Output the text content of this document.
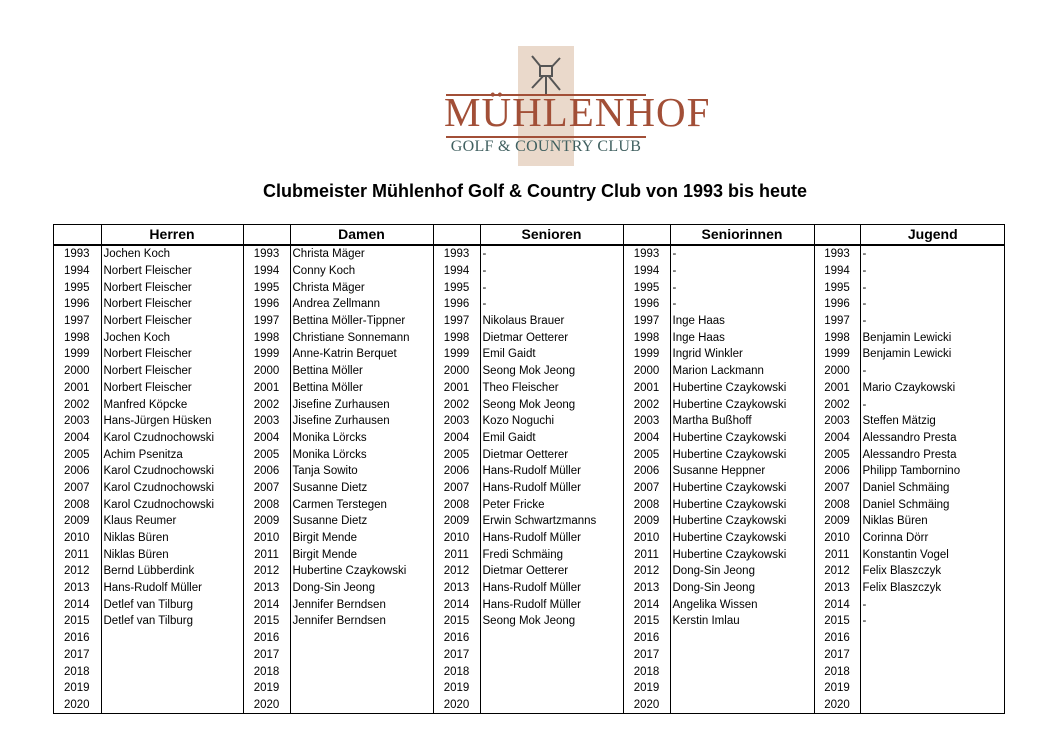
MÜHLENHOF
GOLF & COUNTRY CLUB
Clubmeister Mühlenhof Golf & Country Club von 1993 bis heute
	Herren		Damen		Senioren		Seniorinnen		Jugend
1993	Jochen Koch	1993	Christa Mäger	1993	-	1993	-	1993	-
1994	Norbert Fleischer	1994	Conny Koch	1994	-	1994	-	1994	-
1995	Norbert Fleischer	1995	Christa Mäger	1995	-	1995	-	1995	-
1996	Norbert Fleischer	1996	Andrea Zellmann	1996	-	1996	-	1996	-
1997	Norbert Fleischer	1997	Bettina Möller-Tippner	1997	Nikolaus Brauer	1997	Inge Haas	1997	-
1998	Jochen Koch	1998	Christiane Sonnemann	1998	Dietmar Oetterer	1998	Inge Haas	1998	Benjamin Lewicki
1999	Norbert Fleischer	1999	Anne-Katrin Berquet	1999	Emil Gaidt	1999	Ingrid Winkler	1999	Benjamin Lewicki
2000	Norbert Fleischer	2000	Bettina Möller	2000	Seong Mok Jeong	2000	Marion Lackmann	2000	-
2001	Norbert Fleischer	2001	Bettina Möller	2001	Theo Fleischer	2001	Hubertine Czaykowski	2001	Mario Czaykowski
2002	Manfred Köpcke	2002	Jisefine Zurhausen	2002	Seong Mok Jeong	2002	Hubertine Czaykowski	2002	-
2003	Hans-Jürgen Hüsken	2003	Jisefine Zurhausen	2003	Kozo Noguchi	2003	Martha Bußhoff	2003	Steffen Mätzig
2004	Karol Czudnochowski	2004	Monika Lörcks	2004	Emil Gaidt	2004	Hubertine Czaykowski	2004	Alessandro Presta
2005	Achim Psenitza	2005	Monika Lörcks	2005	Dietmar Oetterer	2005	Hubertine Czaykowski	2005	Alessandro Presta
2006	Karol Czudnochowski	2006	Tanja Sowito	2006	Hans-Rudolf Müller	2006	Susanne Heppner	2006	Philipp Tambornino
2007	Karol Czudnochowski	2007	Susanne Dietz	2007	Hans-Rudolf Müller	2007	Hubertine Czaykowski	2007	Daniel Schmäing
2008	Karol Czudnochowski	2008	Carmen Terstegen	2008	Peter Fricke	2008	Hubertine Czaykowski	2008	Daniel Schmäing
2009	Klaus Reumer	2009	Susanne Dietz	2009	Erwin Schwartzmanns	2009	Hubertine Czaykowski	2009	Niklas Büren
2010	Niklas Büren	2010	Birgit Mende	2010	Hans-Rudolf Müller	2010	Hubertine Czaykowski	2010	Corinna Dörr
2011	Niklas Büren	2011	Birgit Mende	2011	Fredi Schmäing	2011	Hubertine Czaykowski	2011	Konstantin Vogel
2012	Bernd Lübberdink	2012	Hubertine Czaykowski	2012	Dietmar Oetterer	2012	Dong-Sin Jeong	2012	Felix Blaszczyk
2013	Hans-Rudolf Müller	2013	Dong-Sin Jeong	2013	Hans-Rudolf Müller	2013	Dong-Sin Jeong	2013	Felix Blaszczyk
2014	Detlef van Tilburg	2014	Jennifer Berndsen	2014	Hans-Rudolf Müller	2014	Angelika Wissen	2014	-
2015	Detlef van Tilburg	2015	Jennifer Berndsen	2015	Seong Mok Jeong	2015	Kerstin Imlau	2015	-
2016		2016		2016		2016		2016	
2017		2017		2017		2017		2017	
2018		2018		2018		2018		2018	
2019		2019		2019		2019		2019	
2020		2020		2020		2020		2020	
